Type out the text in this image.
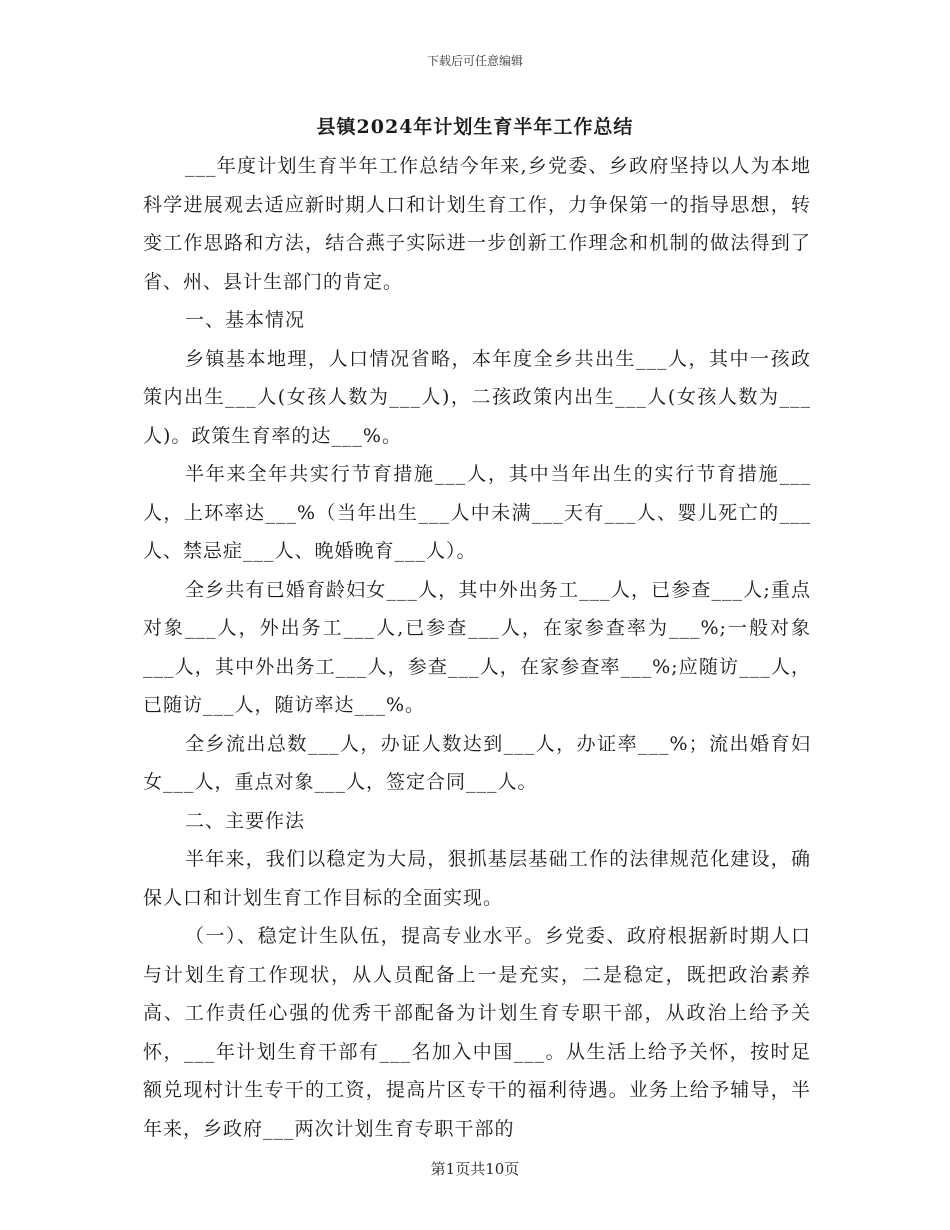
下载后可任意编辑
县镇2024年计划生育半年工作总结

___年度计划生育半年工作总结今年来,乡党委、乡政府坚持以人为本地科学进展观去适应新时期人口和计划生育工作，力争保第一的指导思想，转变工作思路和方法，结合燕子实际进一步创新工作理念和机制的做法得到了省、州、县计生部门的肯定。

一、基本情况

乡镇基本地理，人口情况省略，本年度全乡共出生___人，其中一孩政策内出生___人(女孩人数为___人)，二孩政策内出生___人(女孩人数为___人)。政策生育率的达___%。

半年来全年共实行节育措施___人，其中当年出生的实行节育措施___人，上环率达___%（当年出生___人中未满___天有___人、婴儿死亡的___人、禁忌症___人、晚婚晚育___人）。

全乡共有已婚育龄妇女___人，其中外出务工___人，已参查___人;重点对象___人，外出务工___人,已参查___人，在家参查率为___%;一般对象___人，其中外出务工___人，参查___人，在家参查率___%;应随访___人，已随访___人，随访率达___%。

全乡流出总数___人，办证人数达到___人，办证率___%；流出婚育妇女___人，重点对象___人，签定合同___人。

二、主要作法

半年来，我们以稳定为大局，狠抓基层基础工作的法律规范化建设，确保人口和计划生育工作目标的全面实现。

（一）、稳定计生队伍，提高专业水平。乡党委、政府根据新时期人口与计划生育工作现状，从人员配备上一是充实，二是稳定，既把政治素养高、工作责任心强的优秀干部配备为计划生育专职干部，从政治上给予关怀，___年计划生育干部有___名加入中国___。从生活上给予关怀，按时足额兑现村计生专干的工资，提高片区专干的福利待遇。业务上给予辅导，半年来，乡政府___两次计划生育专职干部的

第1页共10页
